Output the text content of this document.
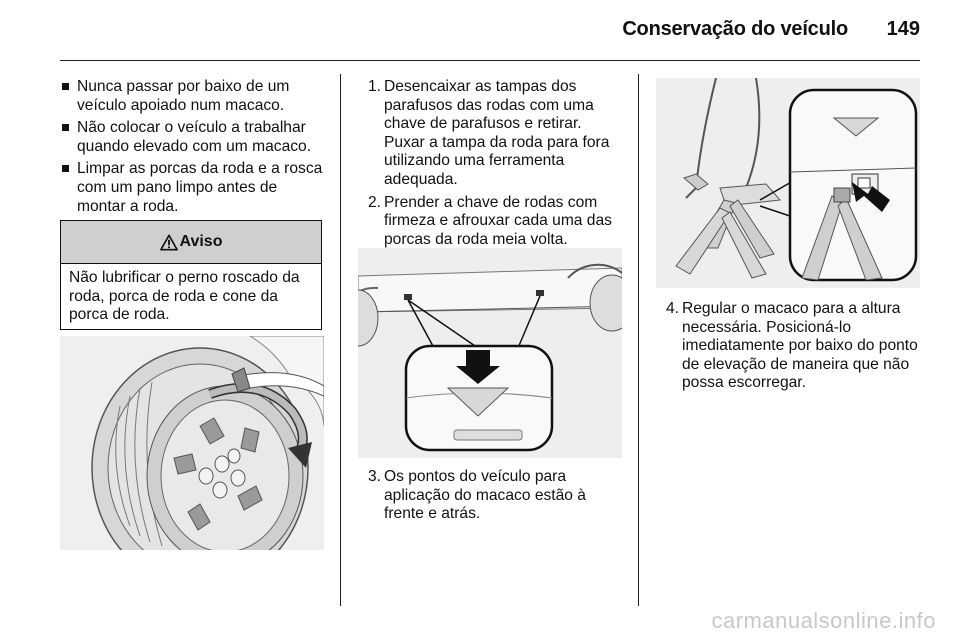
Conservação do veículo 149
Nunca passar por baixo de um veículo apoiado num macaco.
Não colocar o veículo a trabalhar quando elevado com um macaco.
Limpar as porcas da roda e a rosca com um pano limpo antes de montar a roda.
Aviso
Não lubrificar o perno roscado da roda, porca de roda e cone da porca de roda.
1. Desencaixar as tampas dos parafusos das rodas com uma chave de parafusos e retirar. Puxar a tampa da roda para fora utilizando uma ferramenta adequada.
2. Prender a chave de rodas com firmeza e afrouxar cada uma das porcas da roda meia volta.
3. Os pontos do veículo para aplicação do macaco estão à frente e atrás.
4. Regular o macaco para a altura necessária. Posicioná-lo imediatamente por baixo do ponto de elevação de maneira que não possa escorregar.
carmanualsonline.info
